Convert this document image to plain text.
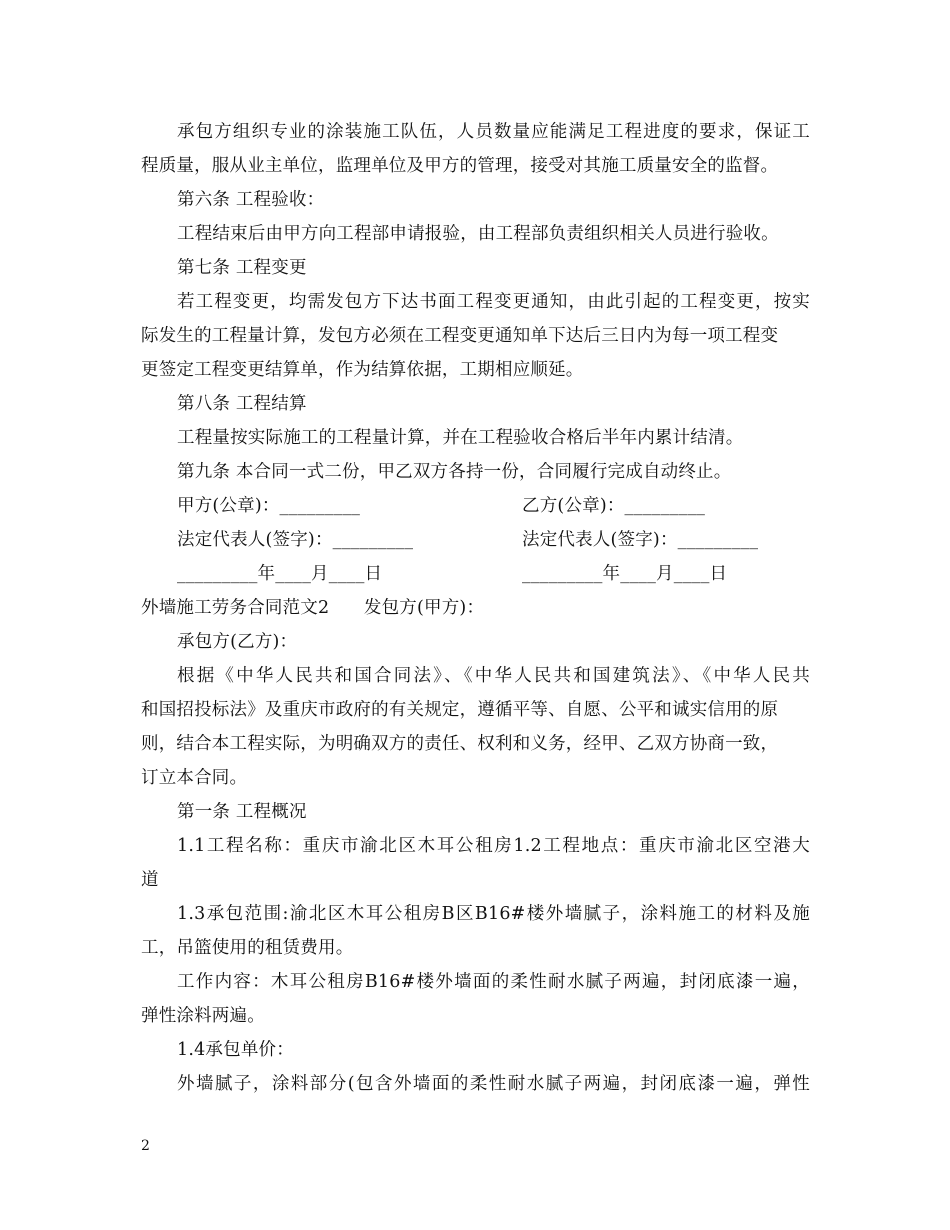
承包方组织专业的涂装施工队伍，人员数量应能满足工程进度的要求，保证工
程质量，服从业主单位，监理单位及甲方的管理，接受对其施工质量安全的监督。
第六条 工程验收：
工程结束后由甲方向工程部申请报验，由工程部负责组织相关人员进行验收。
第七条 工程变更
若工程变更，均需发包方下达书面工程变更通知，由此引起的工程变更，按实
际发生的工程量计算，发包方必须在工程变更通知单下达后三日内为每一项工程变
更签定工程变更结算单，作为结算依据，工期相应顺延。
第八条 工程结算
工程量按实际施工的工程量计算，并在工程验收合格后半年内累计结清。
第九条 本合同一式二份，甲乙双方各持一份，合同履行完成自动终止。
甲方(公章)：_________	乙方(公章)：_________
法定代表人(签字)：_________	法定代表人(签字)：_________
_________年____月____日	_________年____月____日
外墙施工劳务合同范文2      发包方(甲方)：
承包方(乙方)：
根据《中华人民共和国合同法》、《中华人民共和国建筑法》、《中华人民共
和国招投标法》及重庆市政府的有关规定，遵循平等、自愿、公平和诚实信用的原
则，结合本工程实际，为明确双方的责任、权利和义务，经甲、乙双方协商一致，
订立本合同。
第一条 工程概况
1.1工程名称：重庆市渝北区木耳公租房1.2工程地点：重庆市渝北区空港大
道
1.3承包范围:渝北区木耳公租房B区B16#楼外墙腻子，涂料施工的材料及施
工，吊篮使用的租赁费用。
工作内容：木耳公租房B16#楼外墙面的柔性耐水腻子两遍，封闭底漆一遍，
弹性涂料两遍。
1.4承包单价：
外墙腻子，涂料部分(包含外墙面的柔性耐水腻子两遍，封闭底漆一遍，弹性
2
